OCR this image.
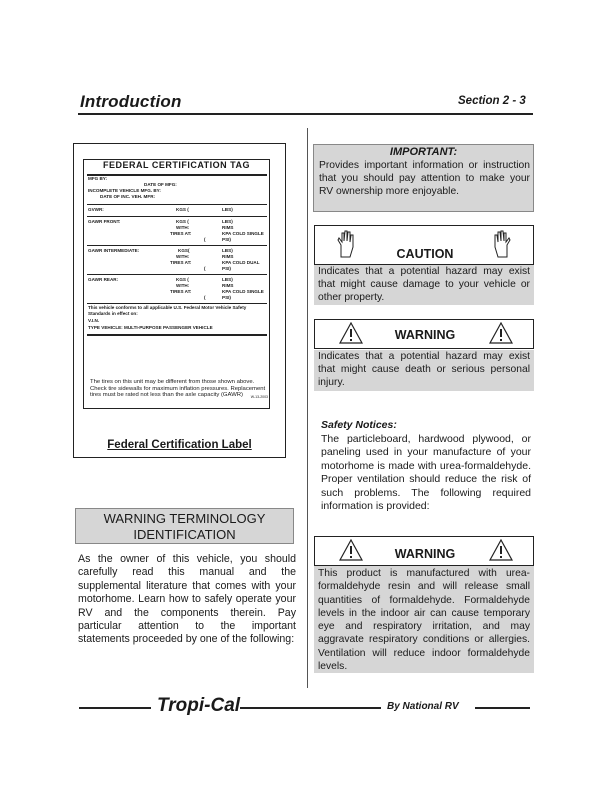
Introduction	Section 2 - 3
FEDERAL CERTIFICATION TAG
MFG BY:
DATE OF MFG:
INCOMPLETE VEHICLE MFG. BY:
DATE OF INC. VEH. MFR:
GVWR:	KGS (	LBS)
GAWR FRONT:	KGS (	LBS)
WITH:	RIMS
TIRES AT:	KPA COLD SINGLE
(	PSI)
GAWR INTERMEDIATE:	KGS(	LBS)
WITH:	RIMS
TIRES AT:	KPA COLD DUAL
(	PSI)
GAWR REAR:	KGS (	LBS)
WITH:	RIMS
TIRES AT:	KPA COLD SINGLE
(	PSI)
This vehicle conforms to all applicable U.S. Federal Motor Vehicle Safety Standards in effect on:
V.I.N.
TYPE VEHICLE: MULTI-PURPOSE PASSENGER VEHICLE
The tires on this unit may be different from those shown above. Check tire sidewalls for maximum inflation pressures. Replacement tires must be rated not less than the axle capacity (GAWR) W-13-2003
Federal Certification Label
WARNING TERMINOLOGY
IDENTIFICATION
As the owner of this vehicle, you should carefully read this manual and the supplemental literature that comes with your motorhome. Learn how to safely operate your RV and the components therein. Pay particular attention to the important statements proceeded by one of the following:
IMPORTANT:
Provides important information or instruction that you should pay attention to make your RV ownership more enjoyable.
CAUTION
Indicates that a potential hazard may exist that might cause damage to your vehicle or other property.
WARNING
Indicates that a potential hazard may exist that might cause death or serious personal injury.
Safety Notices:
The particleboard, hardwood plywood, or paneling used in your manufacture of your motorhome is made with urea-formaldehyde. Proper ventilation should reduce the risk of such problems. The following required information is provided:
WARNING
This product is manufactured with urea-formaldehyde resin and will release small quantities of formaldehyde. Formaldehyde levels in the indoor air can cause temporary eye and respiratory irritation, and may aggravate respiratory conditions or allergies. Ventilation will reduce indoor formaldehyde levels.
Tropi-Cal	By National RV
